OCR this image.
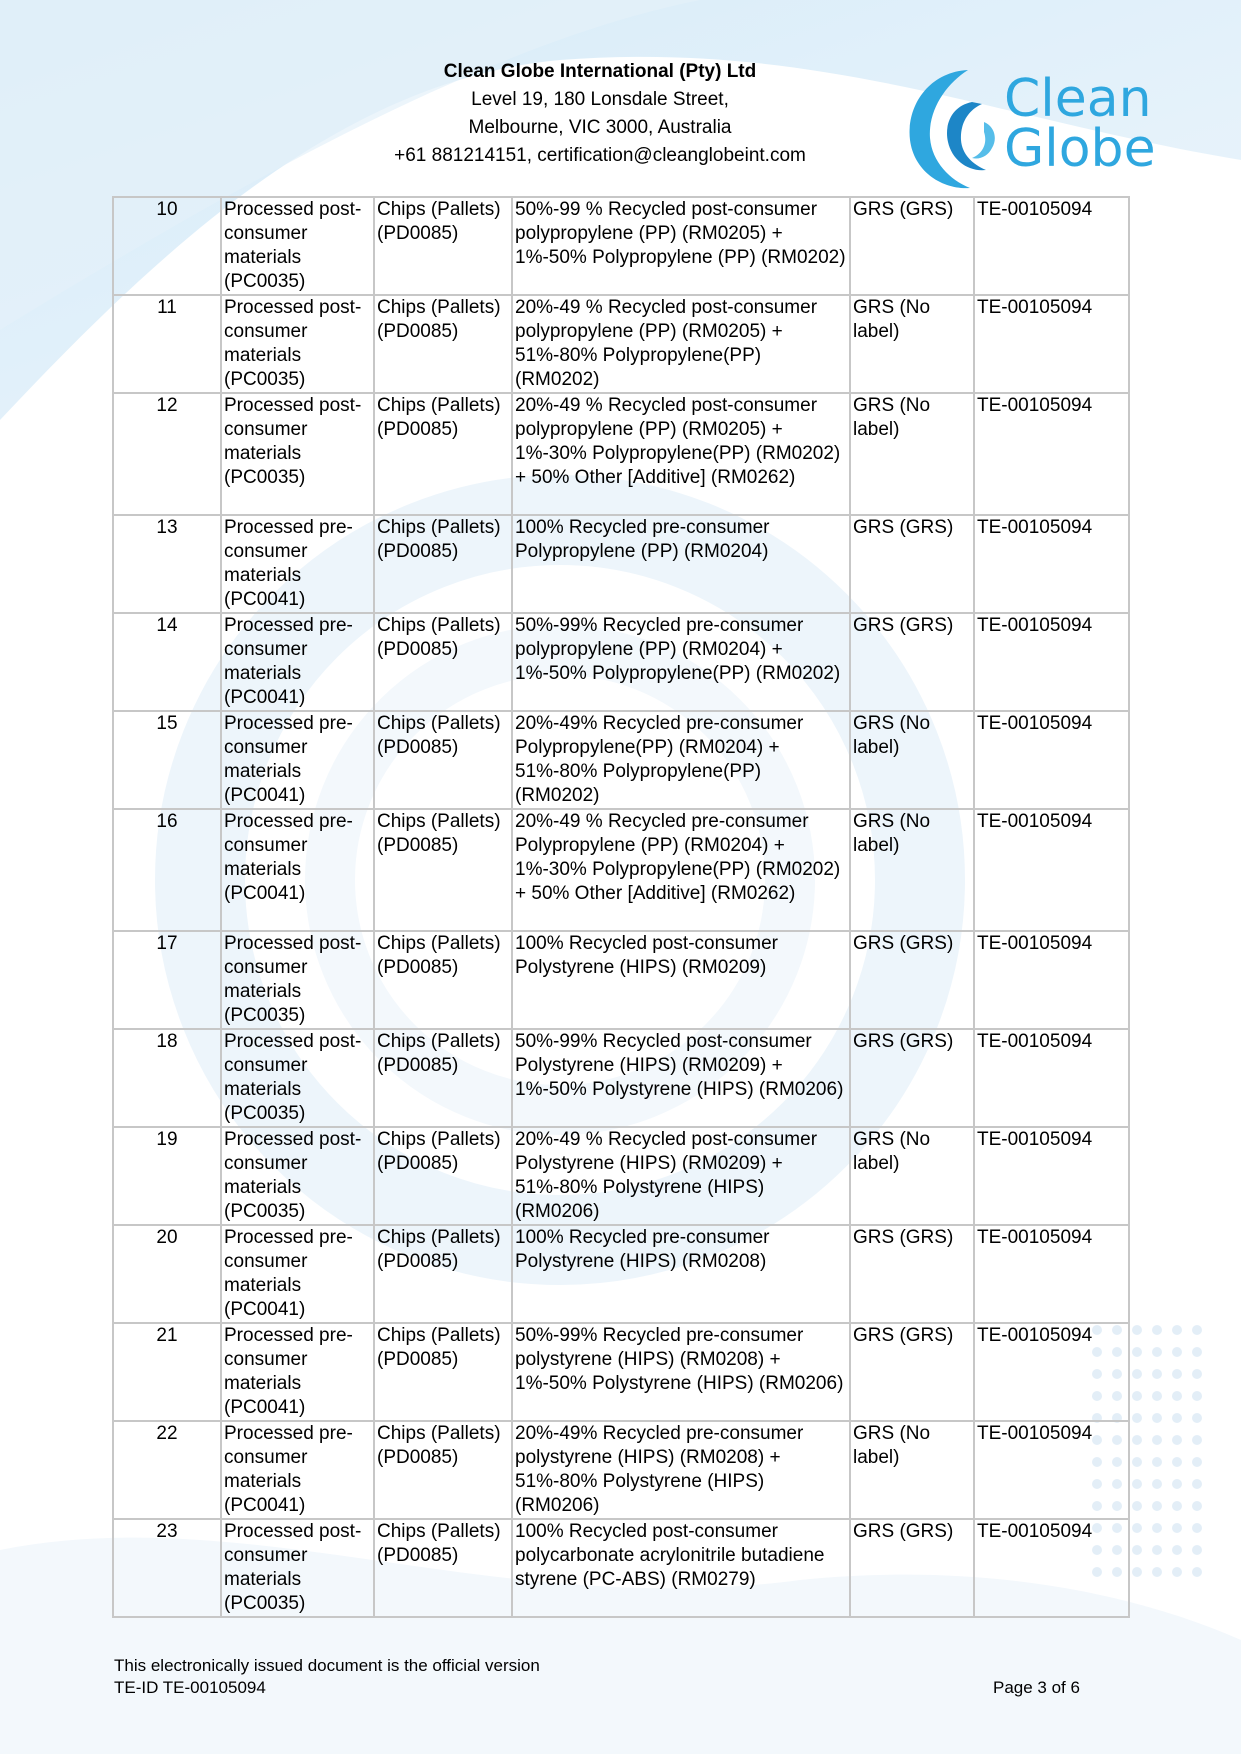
Clean Globe International (Pty) Ltd
Level 19, 180 Lonsdale Street,
Melbourne, VIC 3000, Australia
+61 881214151, certification@cleanglobeint.com
Clean
Globe
10	Processed post-consumer materials (PC0035)	Chips (Pallets) (PD0085)	50%-99 % Recycled post-consumer polypropylene (PP) (RM0205) + 1%-50% Polypropylene (PP) (RM0202)	GRS (GRS)	TE-00105094
11	Processed post-consumer materials (PC0035)	Chips (Pallets) (PD0085)	20%-49 % Recycled post-consumer polypropylene (PP) (RM0205) + 51%-80% Polypropylene(PP) (RM0202)	GRS (No label)	TE-00105094
12	Processed post-consumer materials (PC0035)	Chips (Pallets) (PD0085)	20%-49 % Recycled post-consumer polypropylene (PP) (RM0205) + 1%-30% Polypropylene(PP) (RM0202) + 50% Other [Additive] (RM0262)	GRS (No label)	TE-00105094
13	Processed pre-consumer materials (PC0041)	Chips (Pallets) (PD0085)	100% Recycled pre-consumer Polypropylene (PP) (RM0204)	GRS (GRS)	TE-00105094
14	Processed pre-consumer materials (PC0041)	Chips (Pallets) (PD0085)	50%-99% Recycled pre-consumer polypropylene (PP) (RM0204) + 1%-50% Polypropylene(PP) (RM0202)	GRS (GRS)	TE-00105094
15	Processed pre-consumer materials (PC0041)	Chips (Pallets) (PD0085)	20%-49% Recycled pre-consumer Polypropylene(PP) (RM0204) + 51%-80% Polypropylene(PP) (RM0202)	GRS (No label)	TE-00105094
16	Processed pre-consumer materials (PC0041)	Chips (Pallets) (PD0085)	20%-49 % Recycled pre-consumer Polypropylene (PP) (RM0204) + 1%-30% Polypropylene(PP) (RM0202) + 50% Other [Additive] (RM0262)	GRS (No label)	TE-00105094
17	Processed post-consumer materials (PC0035)	Chips (Pallets) (PD0085)	100% Recycled post-consumer Polystyrene (HIPS) (RM0209)	GRS (GRS)	TE-00105094
18	Processed post-consumer materials (PC0035)	Chips (Pallets) (PD0085)	50%-99% Recycled post-consumer Polystyrene (HIPS) (RM0209) + 1%-50% Polystyrene (HIPS) (RM0206)	GRS (GRS)	TE-00105094
19	Processed post-consumer materials (PC0035)	Chips (Pallets) (PD0085)	20%-49 % Recycled post-consumer Polystyrene (HIPS) (RM0209) + 51%-80% Polystyrene (HIPS) (RM0206)	GRS (No label)	TE-00105094
20	Processed pre-consumer materials (PC0041)	Chips (Pallets) (PD0085)	100% Recycled pre-consumer Polystyrene (HIPS) (RM0208)	GRS (GRS)	TE-00105094
21	Processed pre-consumer materials (PC0041)	Chips (Pallets) (PD0085)	50%-99% Recycled pre-consumer polystyrene (HIPS) (RM0208) + 1%-50% Polystyrene (HIPS) (RM0206)	GRS (GRS)	TE-00105094
22	Processed pre-consumer materials (PC0041)	Chips (Pallets) (PD0085)	20%-49% Recycled pre-consumer polystyrene (HIPS) (RM0208) + 51%-80% Polystyrene (HIPS) (RM0206)	GRS (No label)	TE-00105094
23	Processed post-consumer materials (PC0035)	Chips (Pallets) (PD0085)	100% Recycled post-consumer polycarbonate acrylonitrile butadiene styrene (PC-ABS) (RM0279)	GRS (GRS)	TE-00105094
This electronically issued document is the official version
TE-ID TE-00105094	Page 3 of 6
